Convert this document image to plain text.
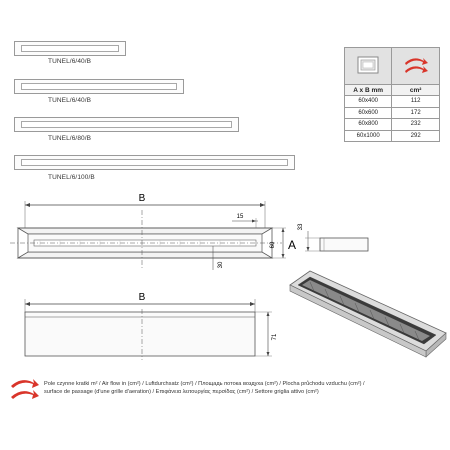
TUNEL/6/40/B
TUNEL/6/40/B
TUNEL/6/80/B
TUNEL/6/100/B

A x B mm	cm²
60x400	112
60x600	172
60x800	232
60x1000	292
B
15
30
60 A
33
B
71
Pole czynne kratki m² / Air flow in (cm²) / Luftdurchsatz (cm²) / Площадь потока воздуха (cm²) / Plocha průchodu vzduchu (cm²) /
surface de passage (d'une grille d'aeration) / Επιφάνεια λειτουργίας περσίδας (cm²) / Settore griglia attivo (cm²)
